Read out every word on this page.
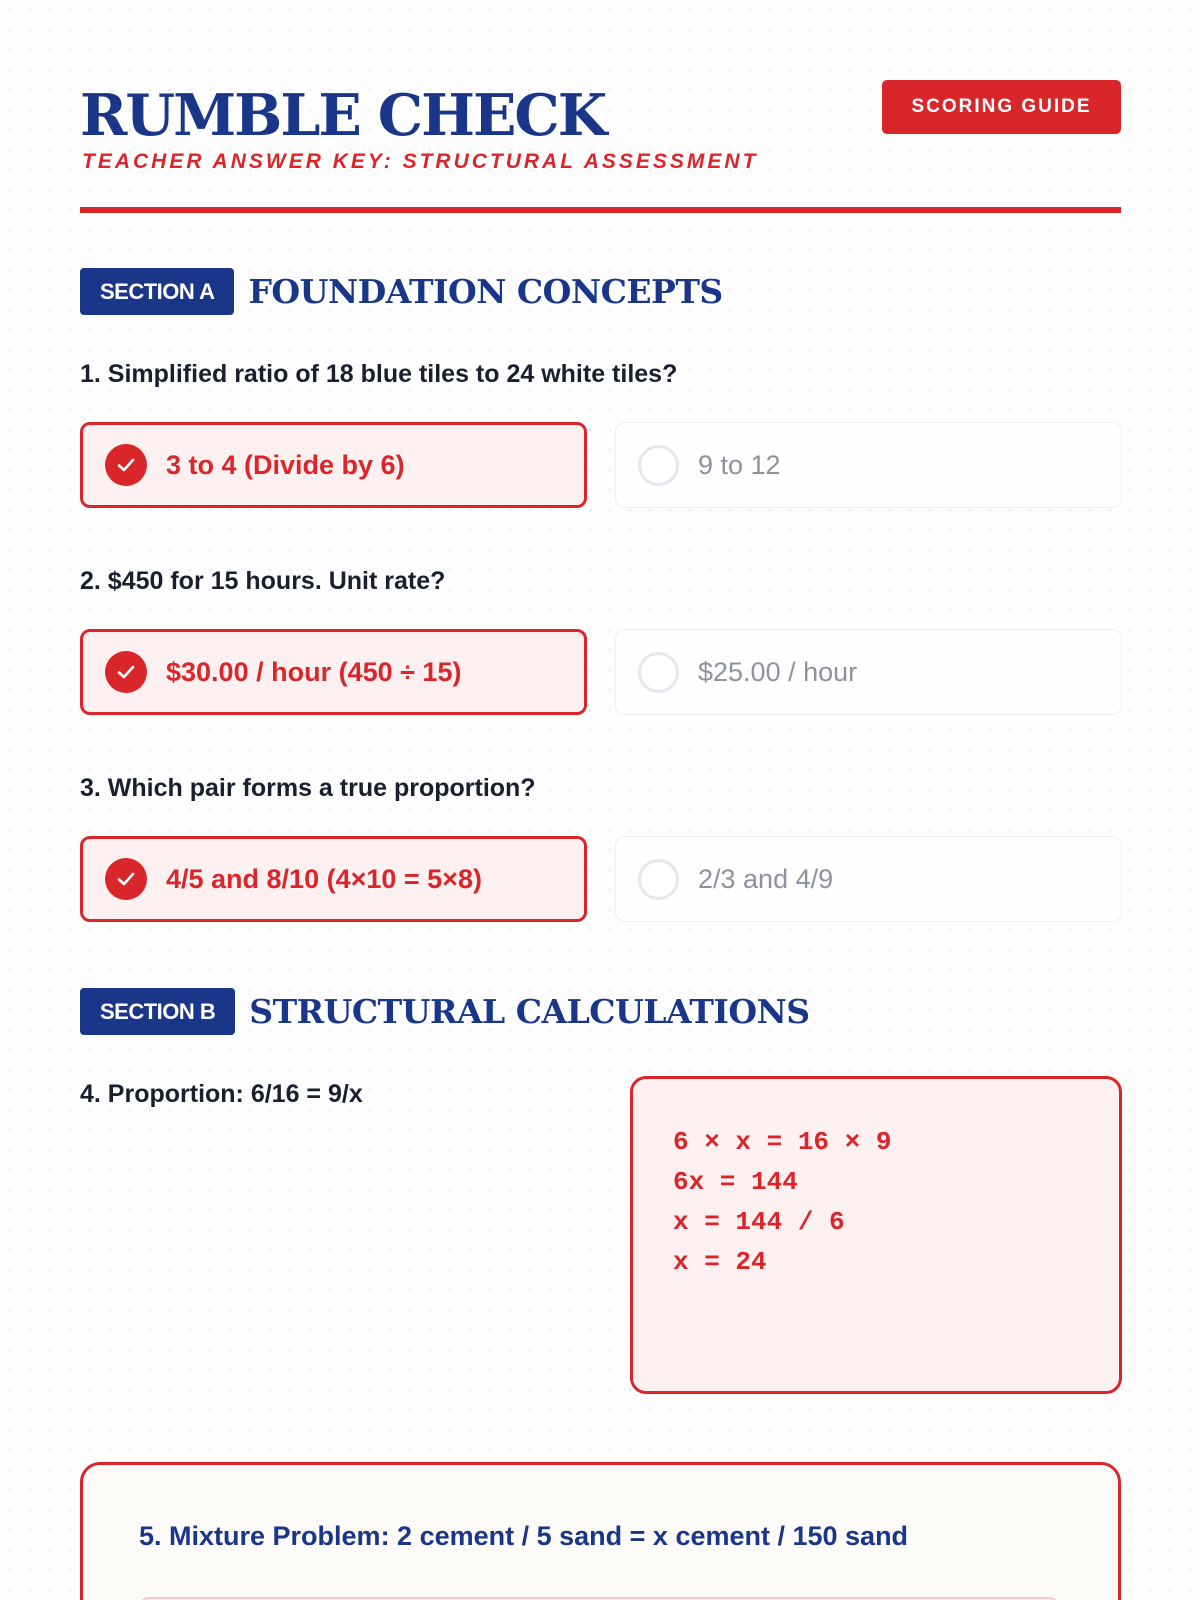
RUMBLE CHECK
TEACHER ANSWER KEY: STRUCTURAL ASSESSMENT
SCORING GUIDE
SECTION A	FOUNDATION CONCEPTS
1. Simplified ratio of 18 blue tiles to 24 white tiles?
3 to 4 (Divide by 6)	9 to 12
2. $450 for 15 hours. Unit rate?
$30.00 / hour (450 ÷ 15)	$25.00 / hour
3. Which pair forms a true proportion?
4/5 and 8/10 (4×10 = 5×8)	2/3 and 4/9
SECTION B	STRUCTURAL CALCULATIONS
4. Proportion: 6/16 = 9/x
6 × x = 16 × 9
6x = 144
x = 144 / 6
x = 24
5. Mixture Problem: 2 cement / 5 sand = x cement / 150 sand
